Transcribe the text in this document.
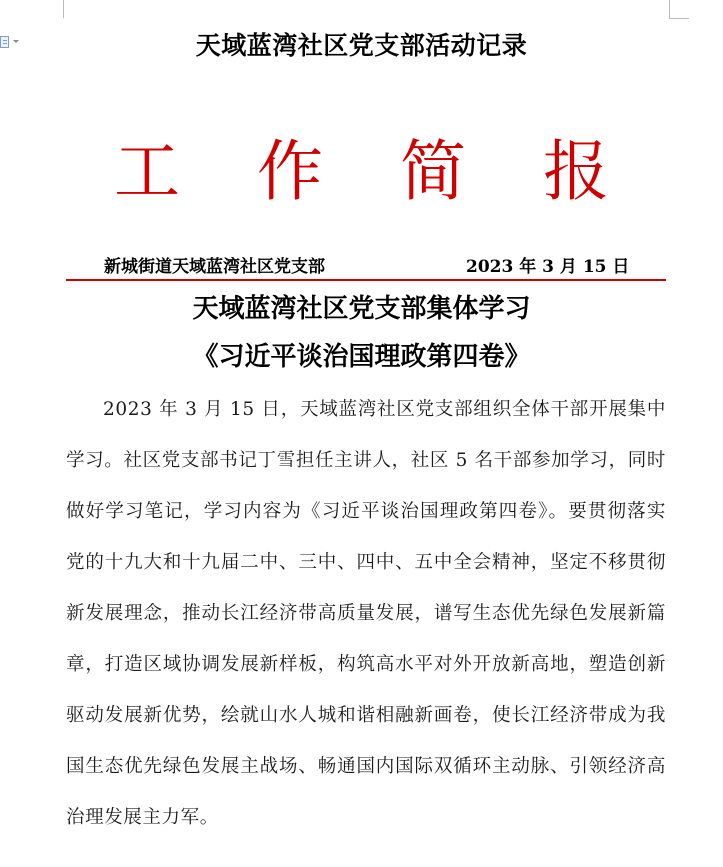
天域蓝湾社区党支部活动记录
工 作 简 报
新城街道天域蓝湾社区党支部	2023 年 3 月 15 日
天域蓝湾社区党支部集体学习
《习近平谈治国理政第四卷》

2023 年 3 月 15 日，天域蓝湾社区党支部组织全体干部开展集中学习。社区党支部书记丁雪担任主讲人，社区 5 名干部参加学习，同时做好学习笔记，学习内容为《习近平谈治国理政第四卷》。要贯彻落实党的十九大和十九届二中、三中、四中、五中全会精神，坚定不移贯彻新发展理念，推动长江经济带高质量发展，谱写生态优先绿色发展新篇章，打造区域协调发展新样板，构筑高水平对外开放新高地，塑造创新驱动发展新优势，绘就山水人城和谐相融新画卷，使长江经济带成为我国生态优先绿色发展主战场、畅通国内国际双循环主动脉、引领经济高治理发展主力军。
